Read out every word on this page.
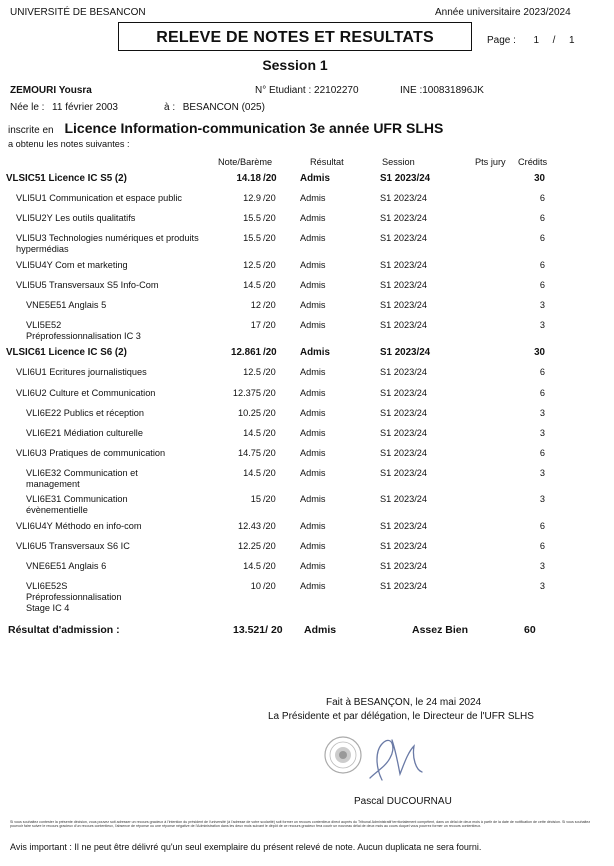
UNIVERSITÉ DE BESANCON	Année universitaire 2023/2024
RELEVE DE NOTES ET RESULTATS	Page : 1 / 1
Session 1
ZEMOURI Yousra	N° Etudiant : 22102270	INE :100831896JK
Née le : 11 février 2003	à : BESANCON (025)
inscrite en Licence Information-communication 3e année UFR SLHS
a obtenu les notes suivantes :
Note/Barème	Résultat	Session	Pts jury Crédits
VLSIC51 Licence IC S5 (2)	14.18 /20 Admis	S1 2023/24	30
VLI5U1 Communication et espace public	12.9 /20	Admis	S1 2023/24	6
VLI5U2Y Les outils qualitatifs	15.5 /20	Admis	S1 2023/24	6
VLI5U3 Technologies numériques et produits hypermédias
15.5 /20	Admis	S1 2023/24	6
VLI5U4Y Com et marketing	12.5 /20	Admis	S1 2023/24	6
VLI5U5 Transversaux S5 Info-Com	14.5 /20	Admis	S1 2023/24	6
VNE5E51 Anglais 5	12 /20	Admis	S1 2023/24	3
VLI5E52 Préprofessionnalisation IC 3
17 /20	Admis	S1 2023/24	3
VLSIC61 Licence IC S6 (2)	12.861 /20 Admis	S1 2023/24	30
VLI6U1 Ecritures journalistiques	12.5 /20	Admis	S1 2023/24	6
VLI6U2 Culture et Communication	12.375 /20	Admis	S1 2023/24	6
VLI6E22 Publics et réception	10.25 /20	Admis	S1 2023/24	3
VLI6E21 Médiation culturelle	14.5 /20	Admis	S1 2023/24	3
VLI6U3 Pratiques de communication	14.75 /20	Admis	S1 2023/24	6
VLI6E32 Communication et management
14.5 /20	Admis	S1 2023/24	3
VLI6E31 Communication évènementielle
15 /20	Admis	S1 2023/24	3
VLI6U4Y Méthodo en info-com	12.43 /20	Admis	S1 2023/24	6
VLI6U5 Transversaux S6 IC	12.25 /20	Admis	S1 2023/24	6
VNE6E51 Anglais 6	14.5 /20	Admis	S1 2023/24	3
VLI6E52S Préprofessionnalisation Stage IC 4
10 /20	Admis	S1 2023/24	3
Résultat d'admission :	13.521/ 20 Admis	Assez Bien	60
Fait à BESANÇON, le 24 mai 2024
La Présidente et par délégation, le Directeur de l'UFR SLHS
Pascal DUCOURNAU
Si vous souhaitez contester la présente décision, vous pouvez soit adresser un recours gracieux à l'intention du président de l'université (à l'adresse de votre scolarité) soit former un recours contentieux direct auprès du Tribunal Administratif territorialement compétent, dans un délai de deux mois à partir de la date de notification de cette décision. Si vous souhaitez pourvoir faire suivre le recours gracieux d'un recours contentieux, l'absence de réponse ou une réponse négative de l'Administration dans les deux mois suivant le dépôt de ce recours gracieux fera courir un nouveau délai de deux mois au cours duquel vous pourrez former un recours contentieux.
Avis important : Il ne peut être délivré qu'un seul exemplaire du présent relevé de note. Aucun duplicata ne sera fourni.
